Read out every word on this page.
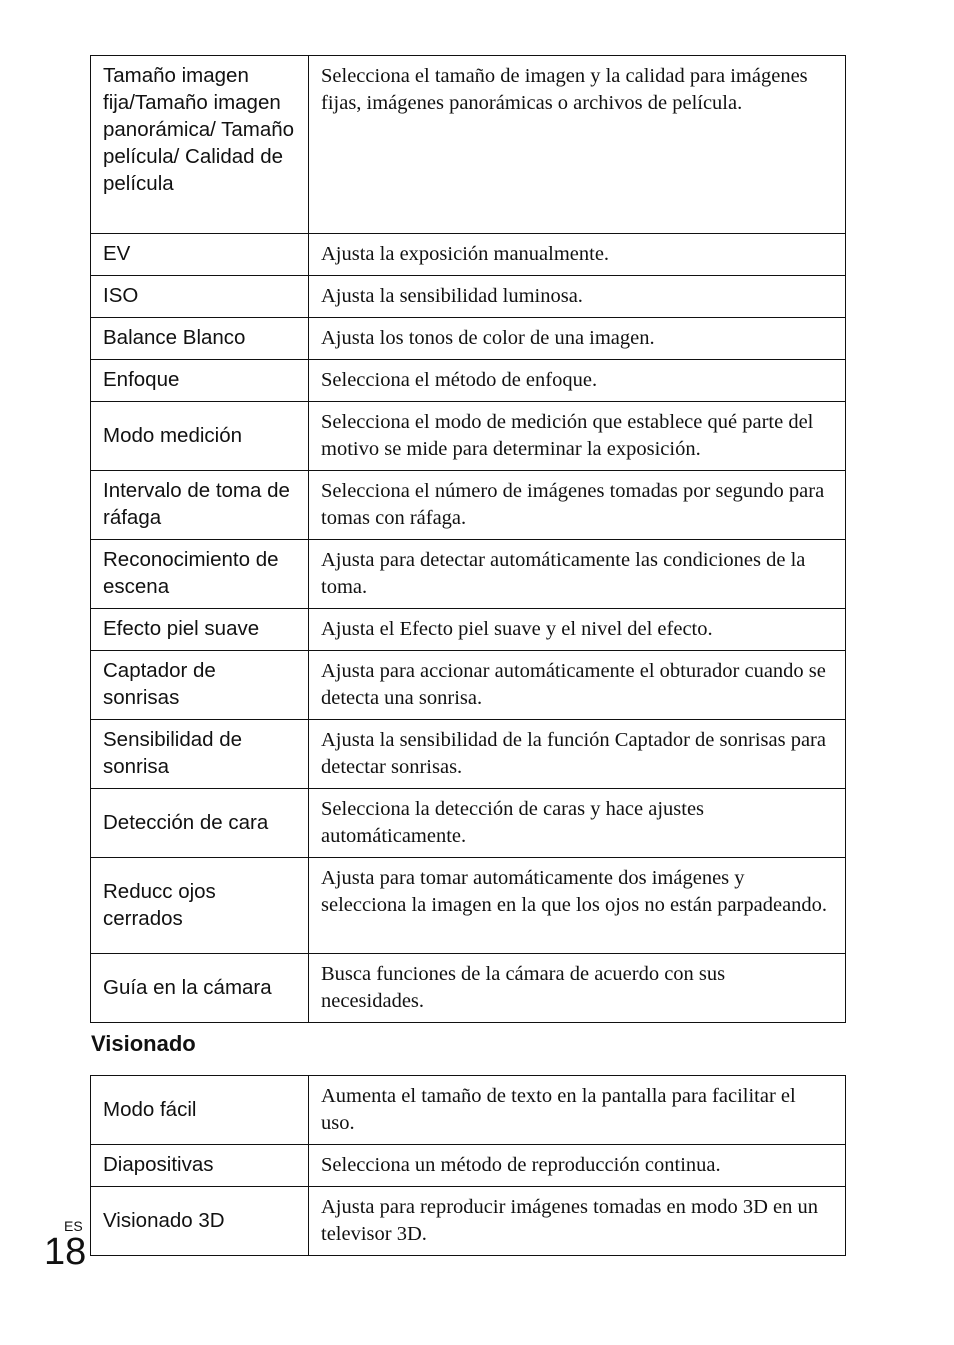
Tamaño imagen fija/Tamaño imagen panorámica/ Tamaño película/ Calidad de película	Selecciona el tamaño de imagen y la calidad para imágenes fijas, imágenes panorámicas o archivos de película.
EV	Ajusta la exposición manualmente.
ISO	Ajusta la sensibilidad luminosa.
Balance Blanco	Ajusta los tonos de color de una imagen.
Enfoque	Selecciona el método de enfoque.
Modo medición	Selecciona el modo de medición que establece qué parte del motivo se mide para determinar la exposición.
Intervalo de toma de ráfaga	Selecciona el número de imágenes tomadas por segundo para tomas con ráfaga.
Reconocimiento de escena	Ajusta para detectar automáticamente las condiciones de la toma.
Efecto piel suave	Ajusta el Efecto piel suave y el nivel del efecto.
Captador de sonrisas	Ajusta para accionar automáticamente el obturador cuando se detecta una sonrisa.
Sensibilidad de sonrisa	Ajusta la sensibilidad de la función Captador de sonrisas para detectar sonrisas.
Detección de cara	Selecciona la detección de caras y hace ajustes automáticamente.
Reducc ojos cerrados	Ajusta para tomar automáticamente dos imágenes y selecciona la imagen en la que los ojos no están parpadeando.
Guía en la cámara	Busca funciones de la cámara de acuerdo con sus necesidades.
Visionado
Modo fácil	Aumenta el tamaño de texto en la pantalla para facilitar el uso.
Diapositivas	Selecciona un método de reproducción continua.
Visionado 3D	Ajusta para reproducir imágenes tomadas en modo 3D en un televisor 3D.
ES
18
